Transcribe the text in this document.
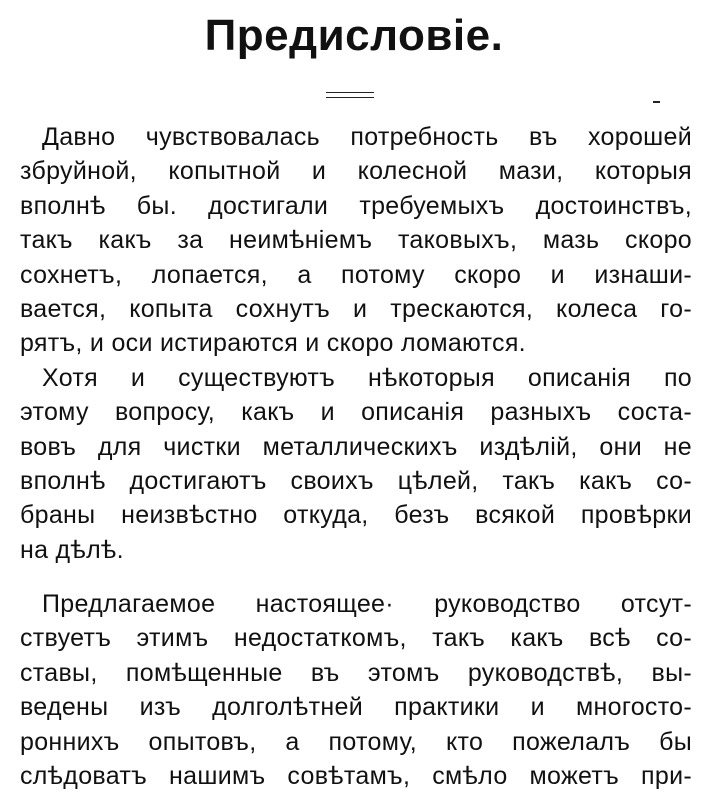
Предисловіе.
Давно чувствовалась потребность въ хорошей
збруйной, копытной и колесной мази, которыя
вполнѣ бы. достигали требуемыхъ достоинствъ,
такъ какъ за неимѣніемъ таковыхъ, мазь скоро
сохнетъ, лопается, а потому скоро и изнаши-
вается, копыта сохнутъ и трескаются, колеса го-
рятъ, и оси истираются и скоро ломаются.
Хотя и существуютъ нѣкоторыя описанія по
этому вопросу, какъ и описанія разныхъ соста-
вовъ для чистки металлическихъ издѣлій, они не
вполнѣ достигаютъ своихъ цѣлей, такъ какъ со-
браны неизвѣстно откуда, безъ всякой провѣрки
на дѣлѣ.
Предлагаемое настоящее· руководство отсут-
ствуетъ этимъ недостаткомъ, такъ какъ всѣ со-
ставы, помѣщенные въ этомъ руководствѣ, вы-
ведены изъ долголѣтней практики и многосто-
роннихъ опытовъ, а потому, кто пожелалъ бы
слѣдоватъ нашимъ совѣтамъ, смѣло можетъ при-
